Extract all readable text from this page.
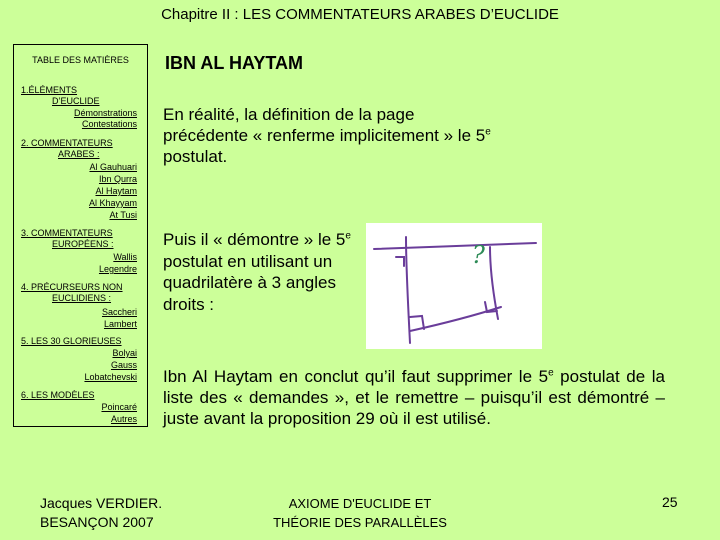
Chapitre II : LES COMMENTATEURS ARABES D’EUCLIDE
TABLE DES MATIÈRES
1.ÉLÉMENTS
D’EUCLIDE
Démonstrations
Contestations
2. COMMENTATEURS
ARABES :
Al Gauhuari
Ibn Qurra
Al Haytam
Al Khayyam
At Tusi
3. COMMENTATEURS
EUROPÉENS :
Wallis
Legendre
4. PRÉCURSEURS NON
EUCLIDIENS :
Saccheri
Lambert
5. LES 30 GLORIEUSES
Bolyai
Gauss
Lobatchevski
6. LES MODÈLES
Poincaré
Autres
IBN AL HAYTAM
En réalité, la définition de la page précédente « renferme implicitement » le 5e postulat.
Puis il « démontre » le 5e postulat en utilisant un quadrilatère à 3 angles droits :
?
Ibn Al Haytam en conclut qu’il faut supprimer le 5e postulat de la liste des « demandes », et le remettre – puisqu’il est démontré – juste avant la proposition 29 où il est utilisé.
Jacques VERDIER.
BESANÇON 2007
AXIOME D'EUCLIDE ET
THÉORIE DES PARALLÈLES
25
